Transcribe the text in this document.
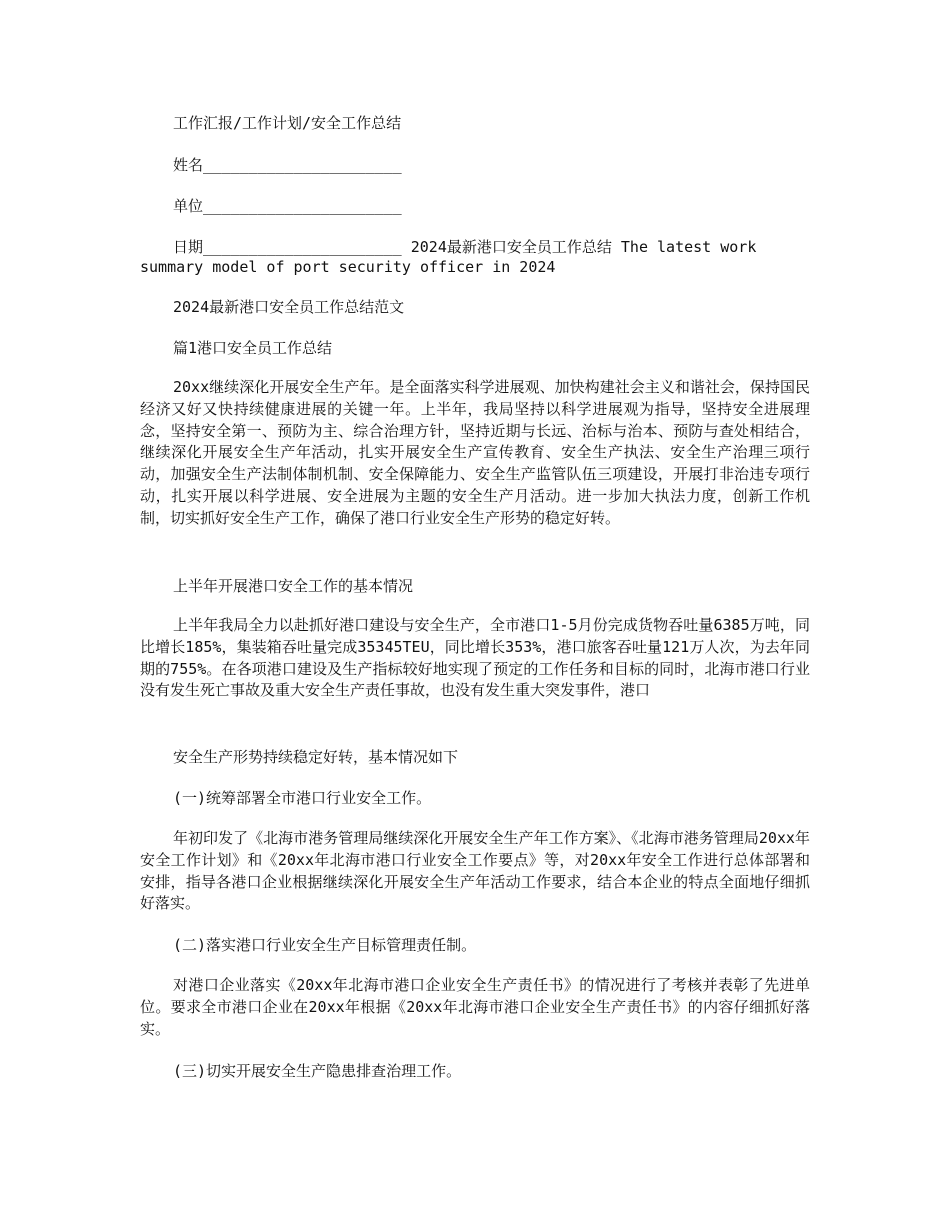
工作汇报/工作计划/安全工作总结
姓名______________________
单位______________________
日期______________________ 2024最新港口安全员工作总结 The latest work summary model of port security officer in 2024
2024最新港口安全员工作总结范文
篇1港口安全员工作总结
20xx继续深化开展安全生产年。是全面落实科学进展观、加快构建社会主义和谐社会，保持国民经济又好又快持续健康进展的关键一年。上半年，我局坚持以科学进展观为指导，坚持安全进展理念，坚持安全第一、预防为主、综合治理方针，坚持近期与长远、治标与治本、预防与查处相结合，继续深化开展安全生产年活动，扎实开展安全生产宣传教育、安全生产执法、安全生产治理三项行动，加强安全生产法制体制机制、安全保障能力、安全生产监管队伍三项建设，开展打非治违专项行动，扎实开展以科学进展、安全进展为主题的安全生产月活动。进一步加大执法力度，创新工作机制，切实抓好安全生产工作，确保了港口行业安全生产形势的稳定好转。
上半年开展港口安全工作的基本情况
上半年我局全力以赴抓好港口建设与安全生产，全市港口1-5月份完成货物吞吐量6385万吨，同比增长185%，集装箱吞吐量完成35345TEU，同比增长353%，港口旅客吞吐量121万人次，为去年同期的755%。在各项港口建设及生产指标较好地实现了预定的工作任务和目标的同时，北海市港口行业没有发生死亡事故及重大安全生产责任事故，也没有发生重大突发事件，港口
安全生产形势持续稳定好转，基本情况如下
(一)统筹部署全市港口行业安全工作。
年初印发了《北海市港务管理局继续深化开展安全生产年工作方案》、《北海市港务管理局20xx年安全工作计划》和《20xx年北海市港口行业安全工作要点》等，对20xx年安全工作进行总体部署和安排，指导各港口企业根据继续深化开展安全生产年活动工作要求，结合本企业的特点全面地仔细抓好落实。
(二)落实港口行业安全生产目标管理责任制。
对港口企业落实《20xx年北海市港口企业安全生产责任书》的情况进行了考核并表彰了先进单位。要求全市港口企业在20xx年根据《20xx年北海市港口企业安全生产责任书》的内容仔细抓好落实。
(三)切实开展安全生产隐患排查治理工作。
